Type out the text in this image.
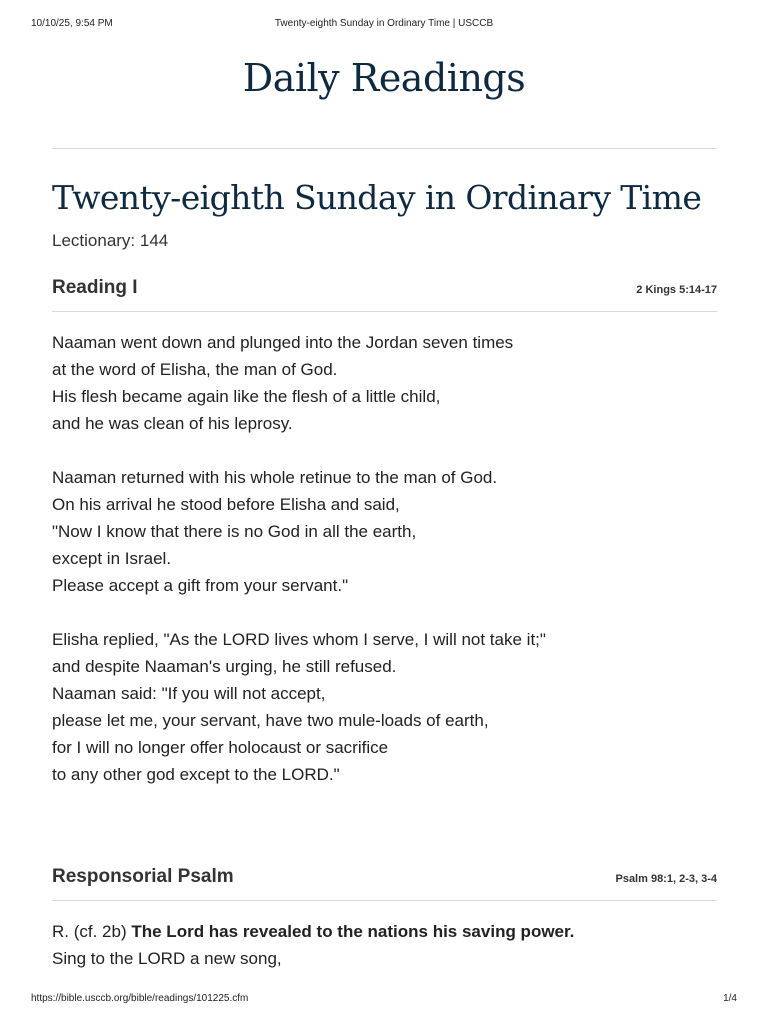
10/10/25, 9:54 PM	Twenty-eighth Sunday in Ordinary Time | USCCB
Daily Readings
Twenty-eighth Sunday in Ordinary Time
Lectionary: 144
Reading I	2 Kings 5:14-17

Naaman went down and plunged into the Jordan seven times
at the word of Elisha, the man of God.
His flesh became again like the flesh of a little child,
and he was clean of his leprosy.

Naaman returned with his whole retinue to the man of God.
On his arrival he stood before Elisha and said,
"Now I know that there is no God in all the earth,
except in Israel.
Please accept a gift from your servant."

Elisha replied, "As the LORD lives whom I serve, I will not take it;"
and despite Naaman's urging, he still refused.
Naaman said: "If you will not accept,
please let me, your servant, have two mule-loads of earth,
for I will no longer offer holocaust or sacrifice
to any other god except to the LORD."

Responsorial Psalm	Psalm 98:1, 2-3, 3-4

R. (cf. 2b) The Lord has revealed to the nations his saving power.
Sing to the LORD a new song,

https://bible.usccb.org/bible/readings/101225.cfm	1/4
